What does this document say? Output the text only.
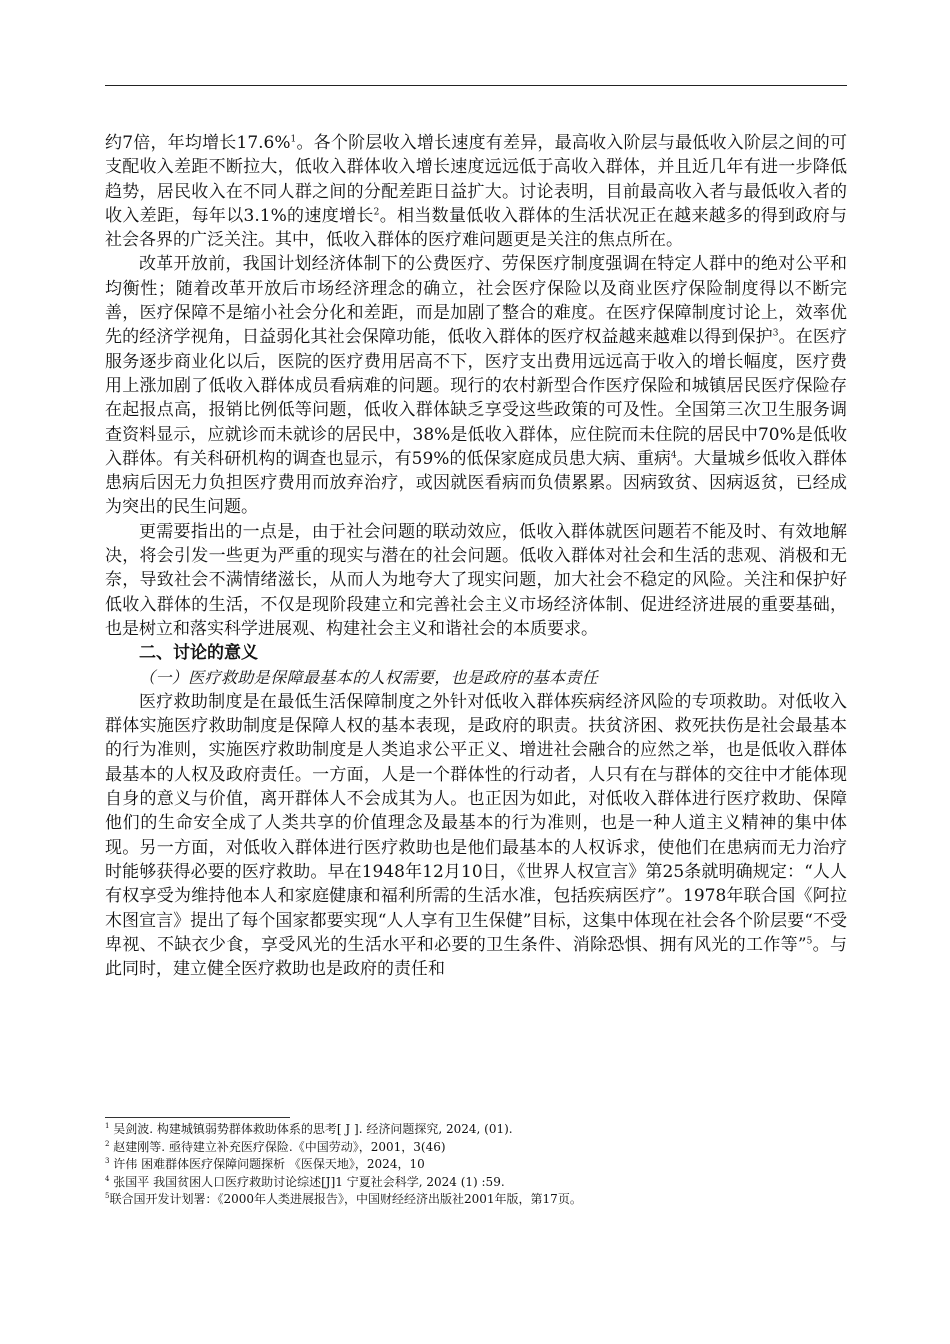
约7倍，年均增长17.6%$^1$。各个阶层收入增长速度有差异，最高收入阶层与最低收入阶层之间的可支配收入差距不断拉大，低收入群体收入增长速度远远低于高收入群体，并且近几年有进一步降低趋势，居民收入在不同人群之间的分配差距日益扩大。讨论表明，目前最高收入者与最低收入者的收入差距，每年以3.1%的速度增长$^2$。相当数量低收入群体的生活状况正在越来越多的得到政府与社会各界的广泛关注。其中，低收入群体的医疗难问题更是关注的焦点所在。

改革开放前，我国计划经济体制下的公费医疗、劳保医疗制度强调在特定人群中的绝对公平和均衡性；随着改革开放后市场经济理念的确立，社会医疗保险以及商业医疗保险制度得以不断完善，医疗保障不是缩小社会分化和差距，而是加剧了整合的难度。在医疗保障制度讨论上，效率优先的经济学视角，日益弱化其社会保障功能，低收入群体的医疗权益越来越难以得到保护$^3$。在医疗服务逐步商业化以后，医院的医疗费用居高不下，医疗支出费用远远高于收入的增长幅度，医疗费用上涨加剧了低收入群体成员看病难的问题。现行的农村新型合作医疗保险和城镇居民医疗保险存在起报点高，报销比例低等问题，低收入群体缺乏享受这些政策的可及性。全国第三次卫生服务调查资料显示，应就诊而未就诊的居民中，38%是低收入群体，应住院而未住院的居民中70%是低收入群体。有关科研机构的调查也显示，有59%的低保家庭成员患大病、重病$^4$。大量城乡低收入群体患病后因无力负担医疗费用而放弃治疗，或因就医看病而负债累累。因病致贫、因病返贫，已经成为突出的民生问题。

更需要指出的一点是，由于社会问题的联动效应，低收入群体就医问题若不能及时、有效地解决，将会引发一些更为严重的现实与潜在的社会问题。低收入群体对社会和生活的悲观、消极和无奈，导致社会不满情绪滋长，从而人为地夸大了现实问题，加大社会不稳定的风险。关注和保护好低收入群体的生活，不仅是现阶段建立和完善社会主义市场经济体制、促进经济进展的重要基础，也是树立和落实科学进展观、构建社会主义和谐社会的本质要求。

二、讨论的意义
（一）医疗救助是保障最基本的人权需要，也是政府的基本责任

医疗救助制度是在最低生活保障制度之外针对低收入群体疾病经济风险的专项救助。对低收入群体实施医疗救助制度是保障人权的基本表现，是政府的职责。扶贫济困、救死扶伤是社会最基本的行为准则，实施医疗救助制度是人类追求公平正义、增进社会融合的应然之举，也是低收入群体最基本的人权及政府责任。一方面，人是一个群体性的行动者，人只有在与群体的交往中才能体现自身的意义与价值，离开群体人不会成其为人。也正因为如此，对低收入群体进行医疗救助、保障他们的生命安全成了人类共享的价值理念及最基本的行为准则，也是一种人道主义精神的集中体现。另一方面，对低收入群体进行医疗救助也是他们最基本的人权诉求，使他们在患病而无力治疗时能够获得必要的医疗救助。早在1948年12月10日，《世界人权宣言》第25条就明确规定：“人人有权享受为维持他本人和家庭健康和福利所需的生活水准，包括疾病医疗”。1978年联合国《阿拉木图宣言》提出了每个国家都要实现“人人享有卫生保健”目标，这集中体现在社会各个阶层要“不受卑视、不缺衣少食，享受风光的生活水平和必要的卫生条件、消除恐惧、拥有风光的工作等”$^5$。与此同时，建立健全医疗救助也是政府的责任和

$^1$ 吴剑波. 构建城镇弱势群体救助体系的思考[ J ]. 经济问题探究, 2024, (01).
$^2$ 赵建刚等. 亟待建立补充医疗保险.《中国劳动》，2001，3(46)
$^3$ 许伟 困难群体医疗保障问题探析 《医保天地》，2024，10
$^4$ 张国平 我国贫困人口医疗救助讨论综述[J]1 宁夏社会科学, 2024 (1) :59.
$^5$联合国开发计划署：《2000年人类进展报告》，中国财经经济出版社2001年版，第17页。
